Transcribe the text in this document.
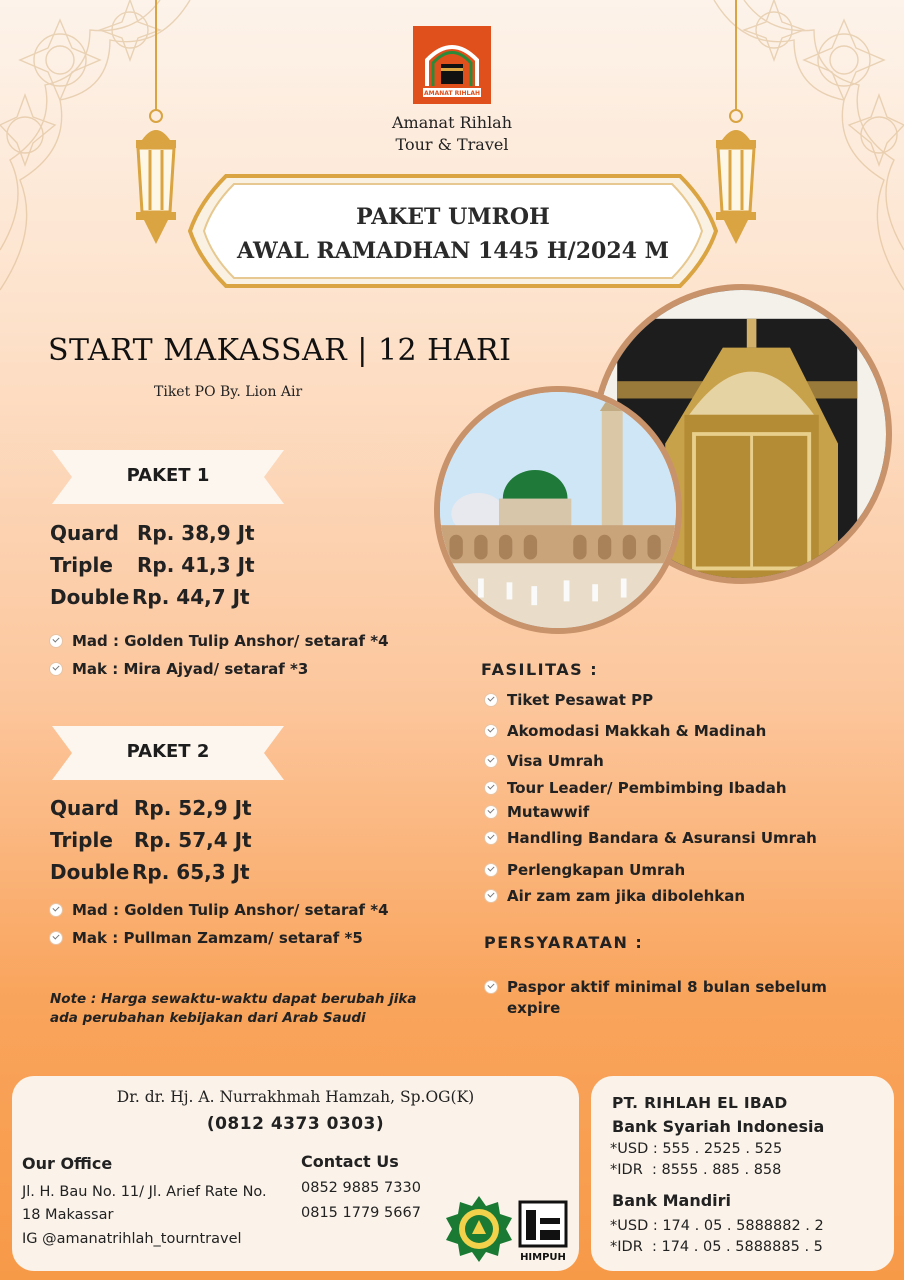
AMANAT RIHLAH
Amanat Rihlah
Tour & Travel
PAKET UMROH
AWAL RAMADHAN 1445 H/2024 M
START MAKASSAR | 12 HARI
Tiket PO By. Lion Air
PAKET 1
Quard Rp. 38,9 Jt
Triple Rp. 41,3 Jt
Double Rp. 44,7 Jt
Mad : Golden Tulip Anshor/ setaraf *4
Mak : Mira Ajyad/ setaraf *3
PAKET 2
Quard Rp. 52,9 Jt
Triple Rp. 57,4 Jt
Double Rp. 65,3 Jt
Mad : Golden Tulip Anshor/ setaraf *4
Mak : Pullman Zamzam/ setaraf *5
Note : Harga sewaktu-waktu dapat berubah jika
ada perubahan kebijakan dari Arab Saudi
FASILITAS :
Tiket Pesawat PP
Akomodasi Makkah & Madinah
Visa Umrah
Tour Leader/ Pembimbing Ibadah
Mutawwif
Handling Bandara & Asuransi Umrah
Perlengkapan Umrah
Air zam zam jika dibolehkan
PERSYARATAN :
Paspor aktif minimal 8 bulan sebelum expire
Dr. dr. Hj. A. Nurrakhmah Hamzah, Sp.OG(K)
(0812 4373 0303)
Our Office
Jl. H. Bau No. 11/ Jl. Arief Rate No.
18 Makassar
IG @amanatrihlah_tourntravel
Contact Us
0852 9885 7330
0815 1779 5667
HIMPUH
PT. RIHLAH EL IBAD
Bank Syariah Indonesia
*USD : 555 . 2525 . 525
*IDR  : 8555 . 885 . 858
Bank Mandiri
*USD : 174 . 05 . 5888882 . 2
*IDR  : 174 . 05 . 5888885 . 5
